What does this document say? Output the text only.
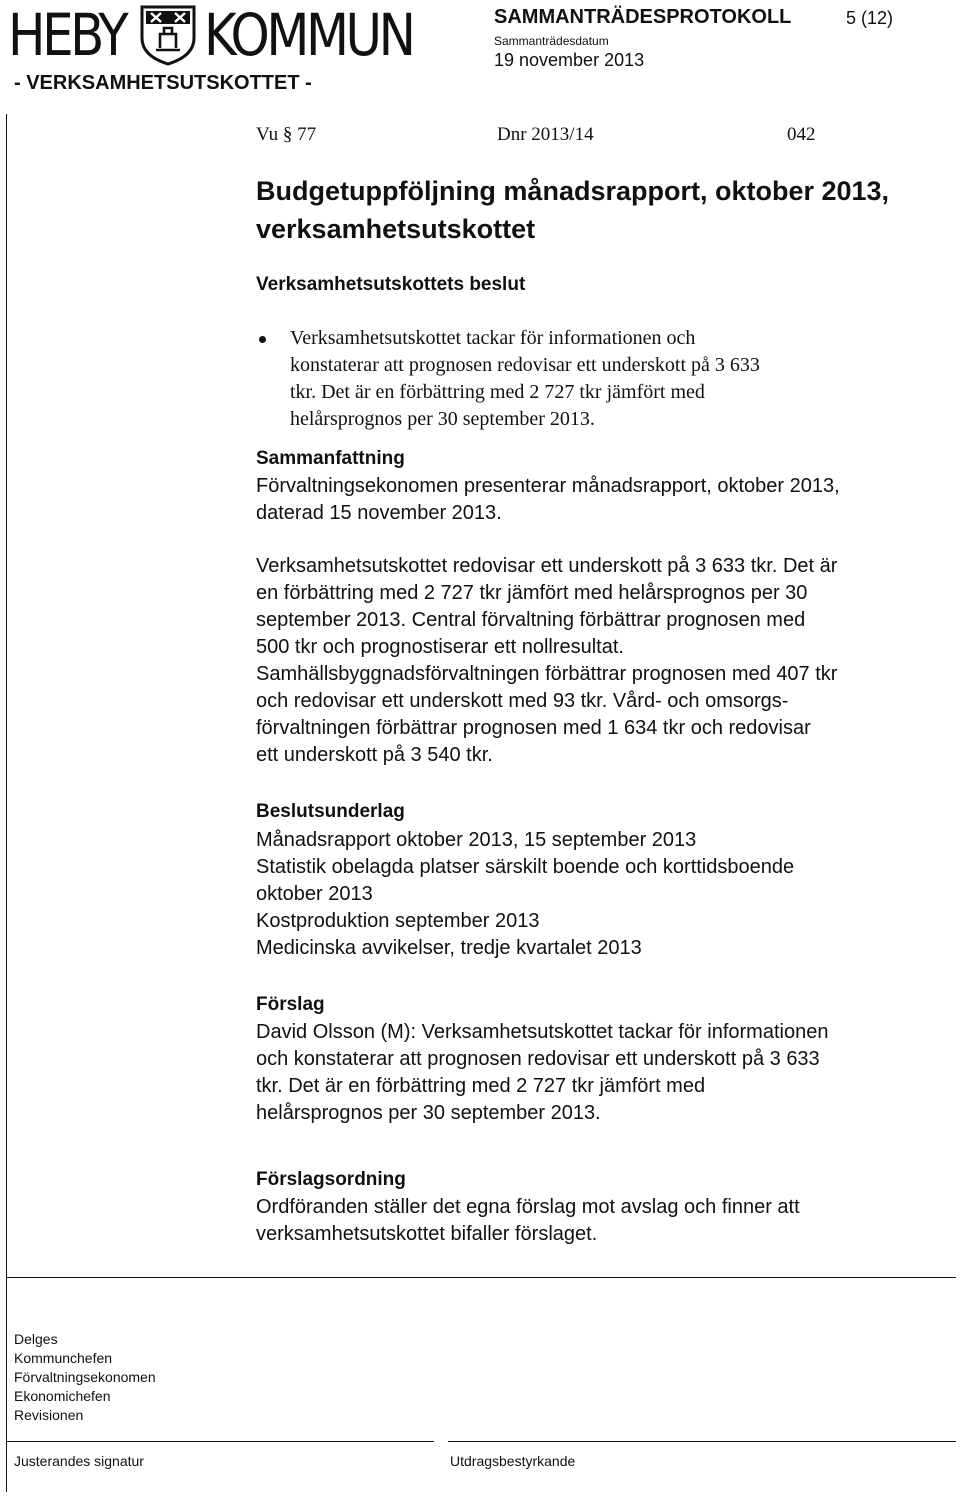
HEBY KOMMUN
- VERKSAMHETSUTSKOTTET -
SAMMANTRÄDESPROTOKOLL	5 (12)
Sammanträdesdatum
19 november 2013
Vu § 77	Dnr 2013/14	042
Budgetuppföljning månadsrapport, oktober 2013,
verksamhetsutskottet
Verksamhetsutskottets beslut
Verksamhetsutskottet tackar för informationen och
konstaterar att prognosen redovisar ett underskott på 3 633
tkr. Det är en förbättring med 2 727 tkr jämfört med
helårsprognos per 30 september 2013.
Sammanfattning
Förvaltningsekonomen presenterar månadsrapport, oktober 2013,
daterad 15 november 2013.
Verksamhetsutskottet redovisar ett underskott på 3 633 tkr. Det är
en förbättring med 2 727 tkr jämfört med helårsprognos per 30
september 2013. Central förvaltning förbättrar prognosen med
500 tkr och prognostiserar ett nollresultat.
Samhällsbyggnadsförvaltningen förbättrar prognosen med 407 tkr
och redovisar ett underskott med 93 tkr. Vård- och omsorgs-
förvaltningen förbättrar prognosen med 1 634 tkr och redovisar
ett underskott på 3 540 tkr.
Beslutsunderlag
Månadsrapport oktober 2013, 15 september 2013
Statistik obelagda platser särskilt boende och korttidsboende
oktober 2013
Kostproduktion september 2013
Medicinska avvikelser, tredje kvartalet 2013
Förslag
David Olsson (M): Verksamhetsutskottet tackar för informationen
och konstaterar att prognosen redovisar ett underskott på 3 633
tkr. Det är en förbättring med 2 727 tkr jämfört med
helårsprognos per 30 september 2013.
Förslagsordning
Ordföranden ställer det egna förslag mot avslag och finner att
verksamhetsutskottet bifaller förslaget.
Delges
Kommunchefen
Förvaltningsekonomen
Ekonomichefen
Revisionen
Justerandes signatur	Utdragsbestyrkande
